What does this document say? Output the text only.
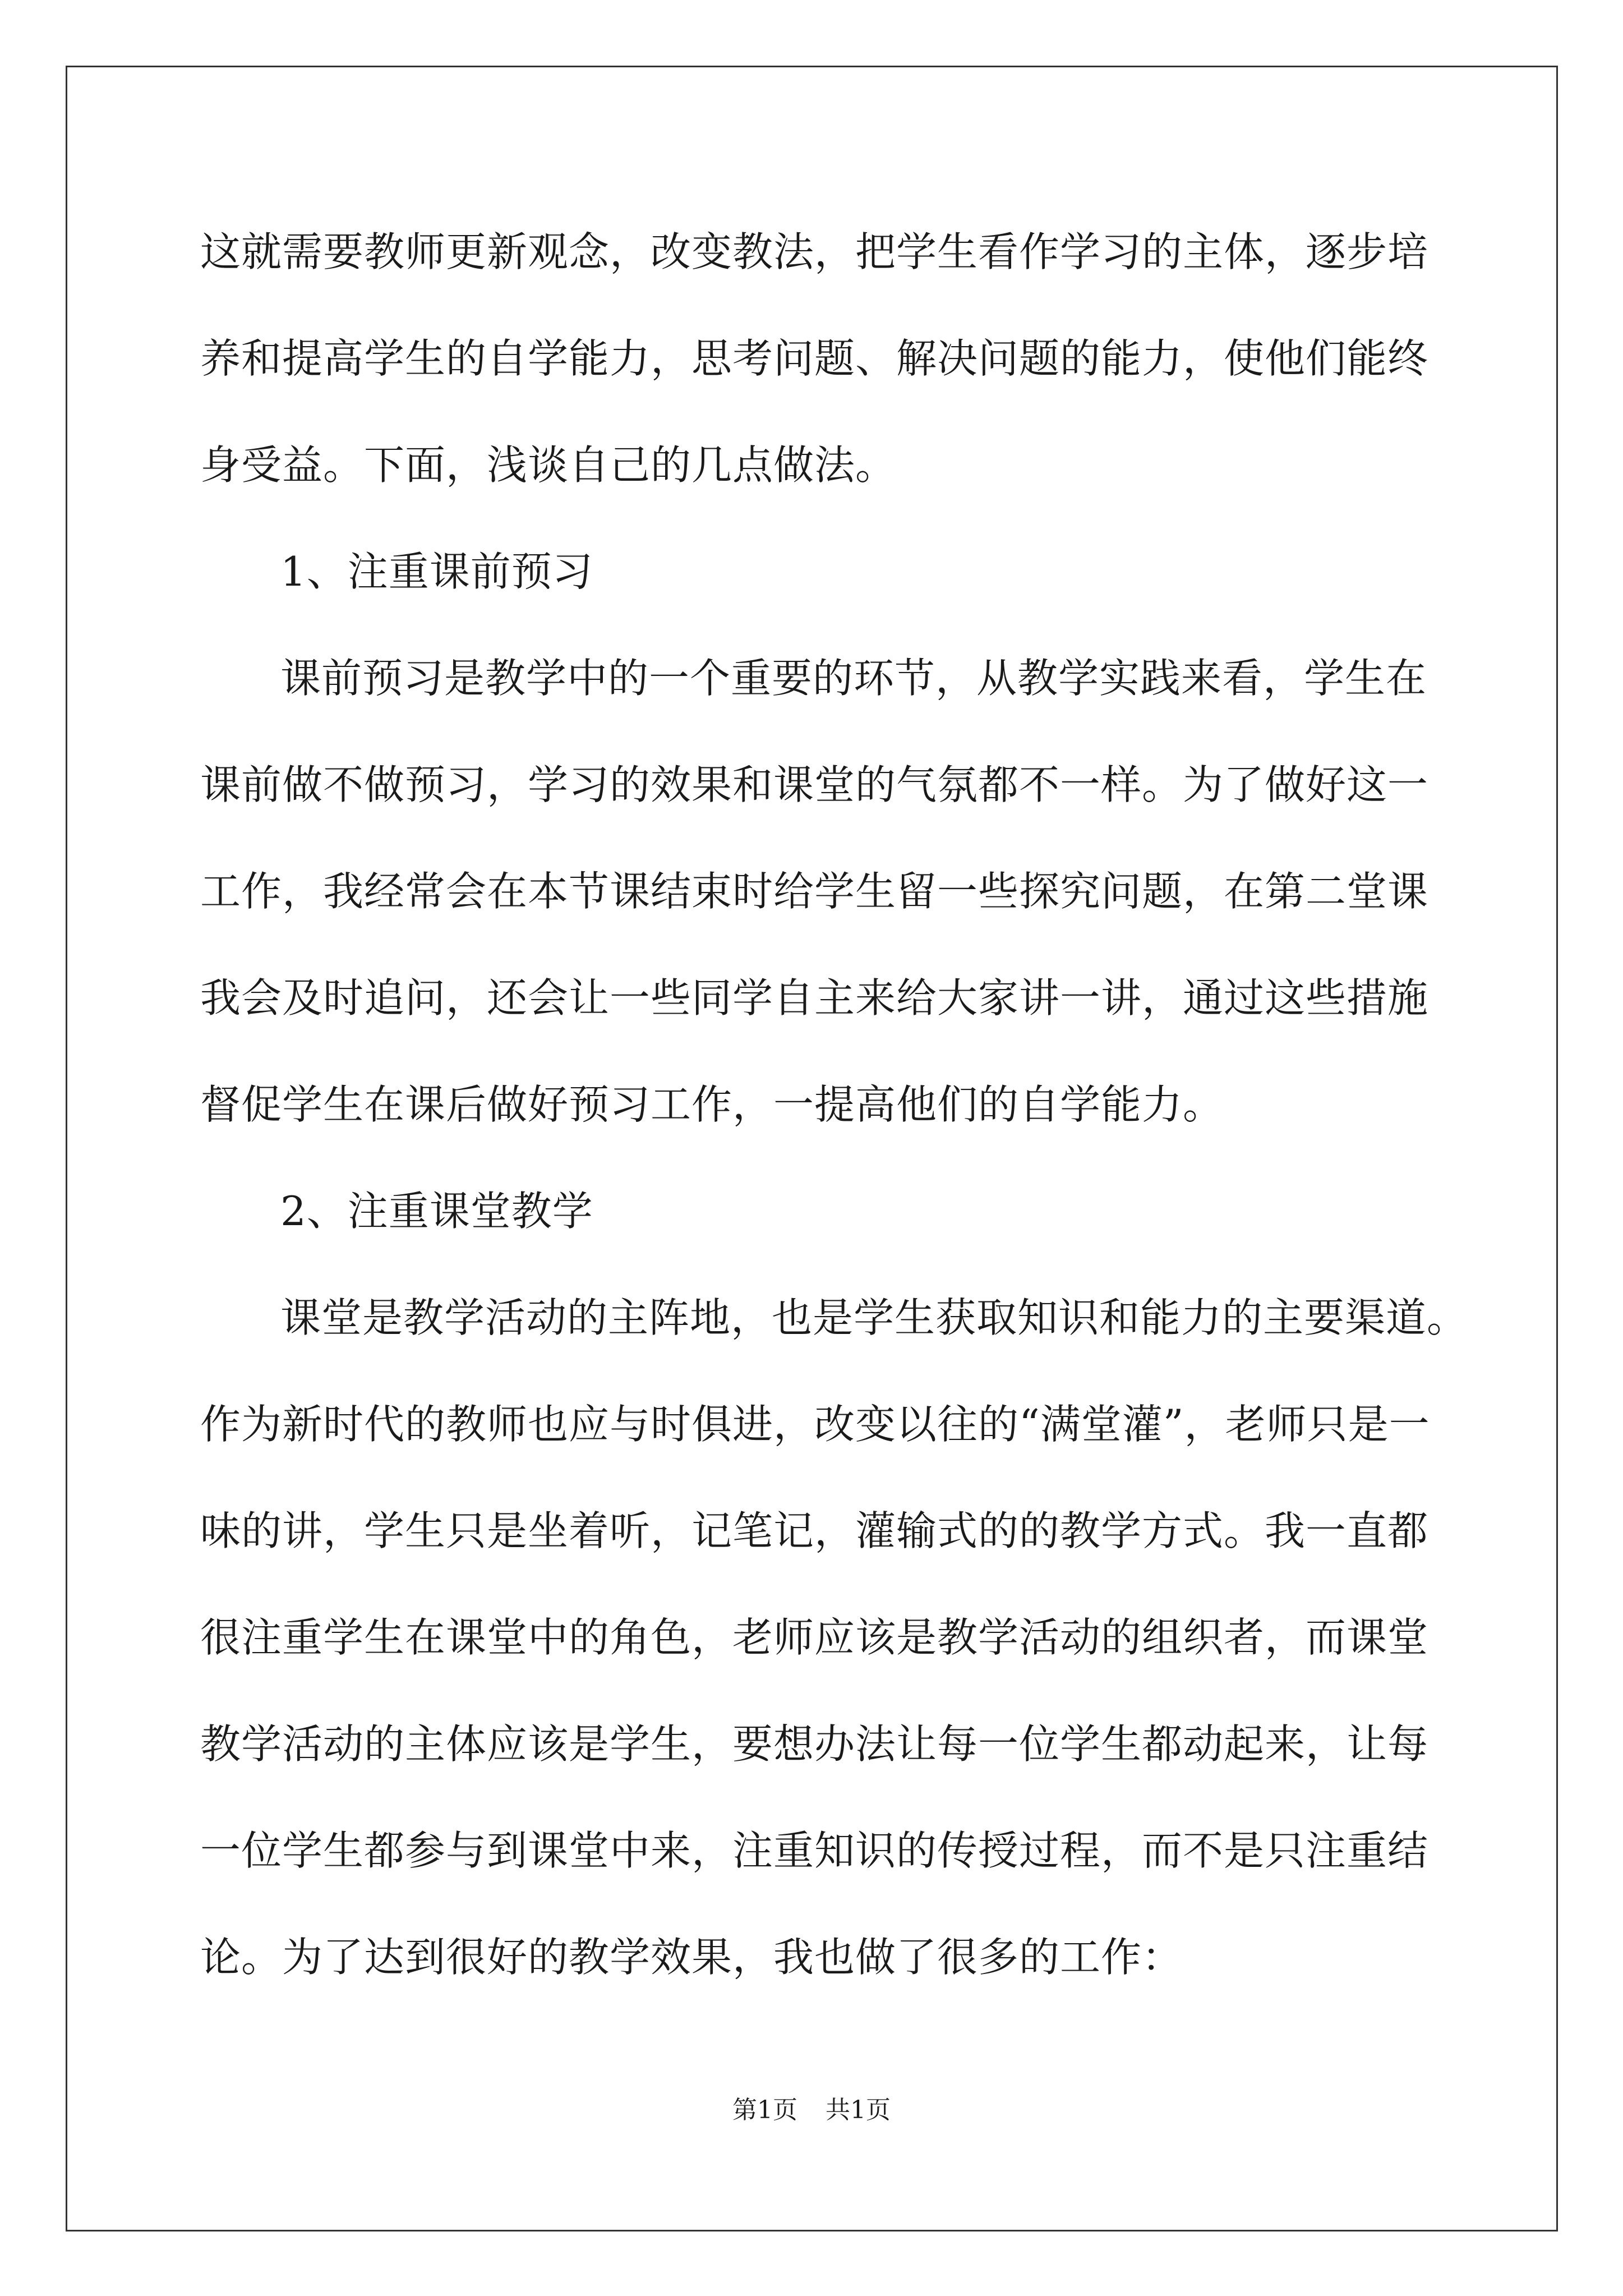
这就需要教师更新观念，改变教法，把学生看作学习的主体，逐步培
养和提高学生的自学能力，思考问题、解决问题的能力，使他们能终
身受益。下面，浅谈自己的几点做法。
1、注重课前预习
课前预习是教学中的一个重要的环节，从教学实践来看，学生在
课前做不做预习，学习的效果和课堂的气氛都不一样。为了做好这一
工作，我经常会在本节课结束时给学生留一些探究问题，在第二堂课
我会及时追问，还会让一些同学自主来给大家讲一讲，通过这些措施
督促学生在课后做好预习工作，一提高他们的自学能力。
2、注重课堂教学
课堂是教学活动的主阵地，也是学生获取知识和能力的主要渠道。
作为新时代的教师也应与时俱进，改变以往的“满堂灌”，老师只是一
味的讲，学生只是坐着听，记笔记，灌输式的的教学方式。我一直都
很注重学生在课堂中的角色，老师应该是教学活动的组织者，而课堂
教学活动的主体应该是学生，要想办法让每一位学生都动起来，让每
一位学生都参与到课堂中来，注重知识的传授过程，而不是只注重结
论。为了达到很好的教学效果，我也做了很多的工作：
第1页 共1页
